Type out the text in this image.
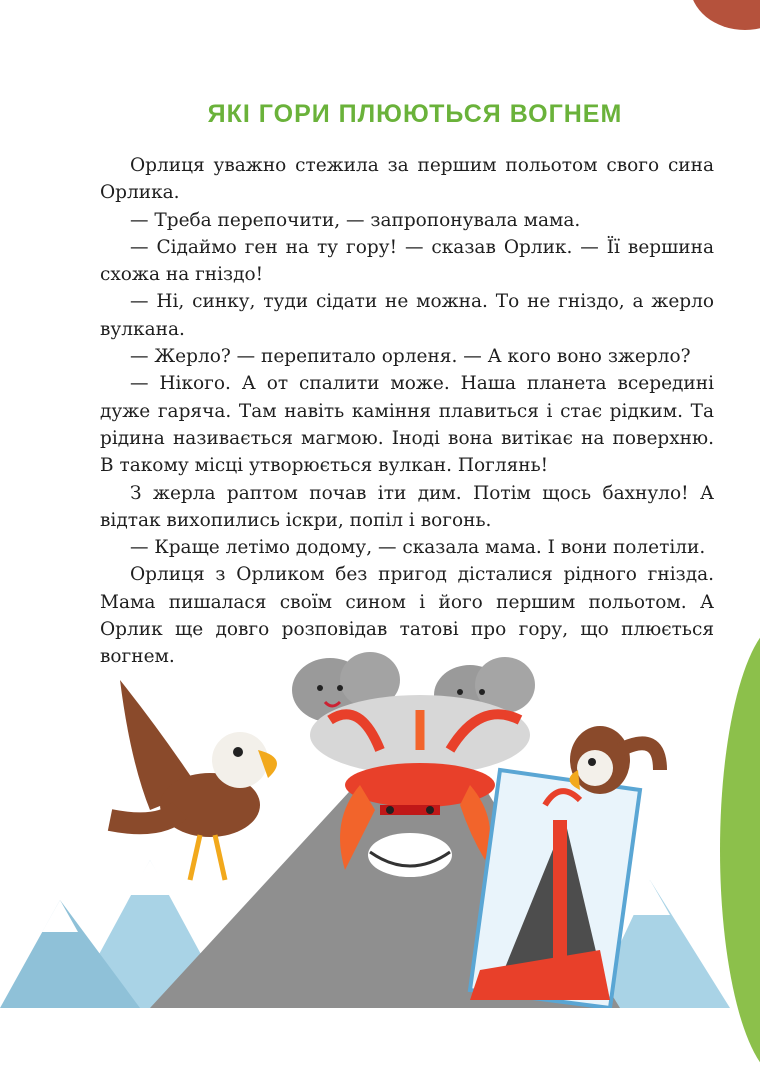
ЯКІ ГОРИ ПЛЮЮТЬСЯ ВОГНЕМ

Орлиця уважно стежила за першим польотом свого сина Орлика.

— Треба перепочити, — запропонувала мама.

— Сідаймо ген на ту гору! — сказав Орлик. — Її вершина схожа на гніздо!

— Ні, синку, туди сідати не можна. То не гніздо, а жерло вулкана.

— Жерло? — перепитало орленя. — А кого воно зжерло?

— Нікого. А от спалити може. Наша планета всередині дуже гаряча. Там навіть каміння плавиться і стає рідким. Та рідина називається магмою. Іноді вона витікає на поверхню. В такому місці утворюється вулкан. Поглянь!

З жерла раптом почав іти дим. Потім щось бахнуло! А відтак вихопились іскри, попіл і вогонь.

— Краще летімо додому, — сказала мама. І вони полетіли.

Орлиця з Орликом без пригод дісталися рідного гнізда. Мама пишалася своїм сином і його першим польотом. А Орлик ще довго розповідав татові про гору, що плюється вогнем.
